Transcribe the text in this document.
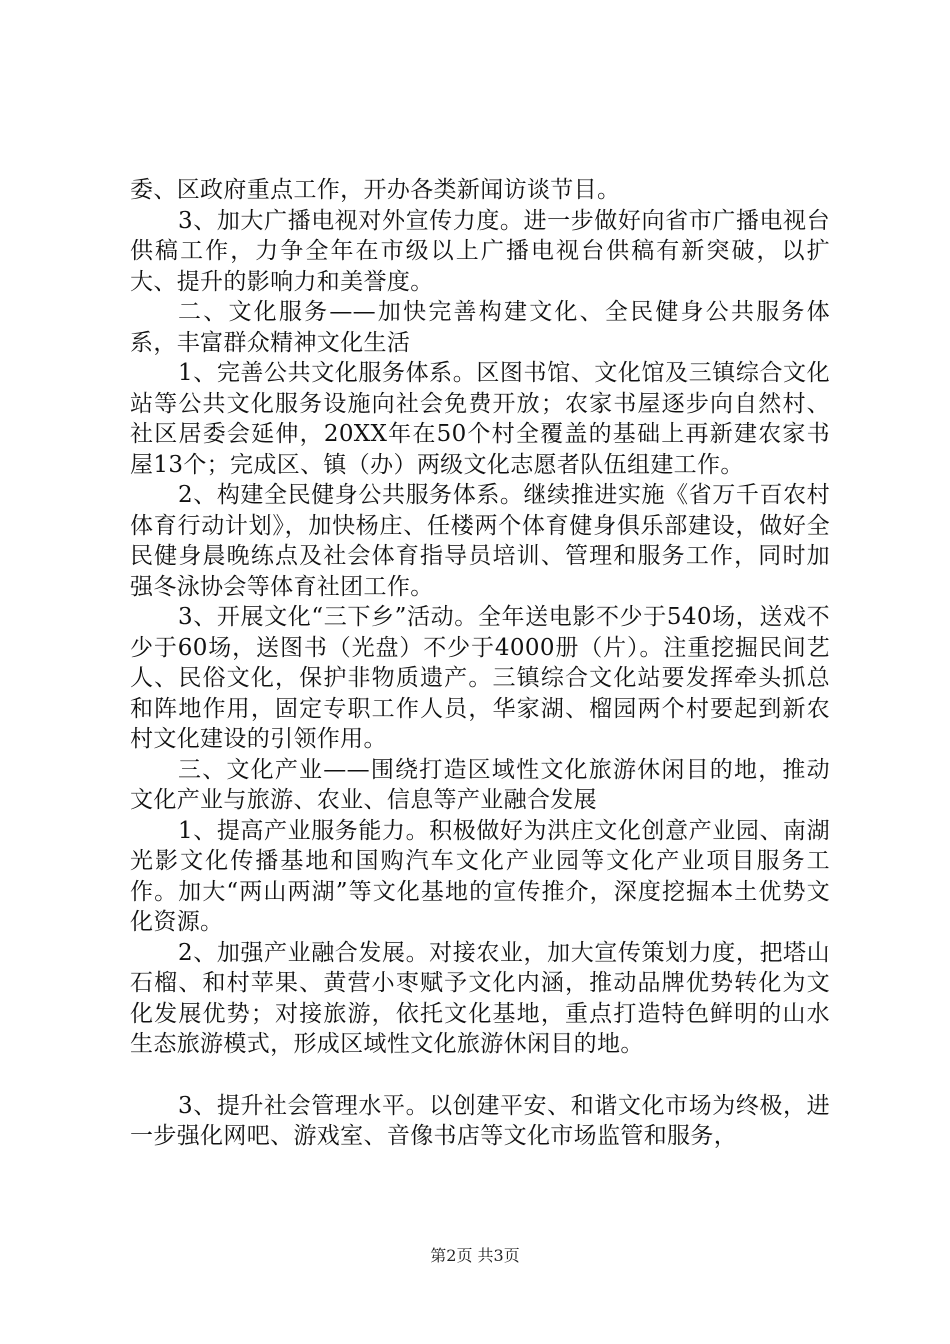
委、区政府重点工作，开办各类新闻访谈节目。

3、加大广播电视对外宣传力度。进一步做好向省市广播电视台供稿工作，力争全年在市级以上广播电视台供稿有新突破，以扩大、提升的影响力和美誉度。

二、文化服务——加快完善构建文化、全民健身公共服务体系，丰富群众精神文化生活

1、完善公共文化服务体系。区图书馆、文化馆及三镇综合文化站等公共文化服务设施向社会免费开放；农家书屋逐步向自然村、社区居委会延伸，20XX年在50个村全覆盖的基础上再新建农家书屋13个；完成区、镇（办）两级文化志愿者队伍组建工作。

2、构建全民健身公共服务体系。继续推进实施《省万千百农村体育行动计划》，加快杨庄、任楼两个体育健身俱乐部建设，做好全民健身晨晚练点及社会体育指导员培训、管理和服务工作，同时加强冬泳协会等体育社团工作。

3、开展文化“三下乡”活动。全年送电影不少于540场，送戏不少于60场，送图书（光盘）不少于4000册（片）。注重挖掘民间艺人、民俗文化，保护非物质遗产。三镇综合文化站要发挥牵头抓总和阵地作用，固定专职工作人员，华家湖、榴园两个村要起到新农村文化建设的引领作用。

三、文化产业——围绕打造区域性文化旅游休闲目的地，推动文化产业与旅游、农业、信息等产业融合发展

1、提高产业服务能力。积极做好为洪庄文化创意产业园、南湖光影文化传播基地和国购汽车文化产业园等文化产业项目服务工作。加大“两山两湖”等文化基地的宣传推介，深度挖掘本土优势文化资源。

2、加强产业融合发展。对接农业，加大宣传策划力度，把塔山石榴、和村苹果、黄营小枣赋予文化内涵，推动品牌优势转化为文化发展优势；对接旅游，依托文化基地，重点打造特色鲜明的山水生态旅游模式，形成区域性文化旅游休闲目的地。

3、提升社会管理水平。以创建平安、和谐文化市场为终极，进一步强化网吧、游戏室、音像书店等文化市场监管和服务，

第2页 共3页
